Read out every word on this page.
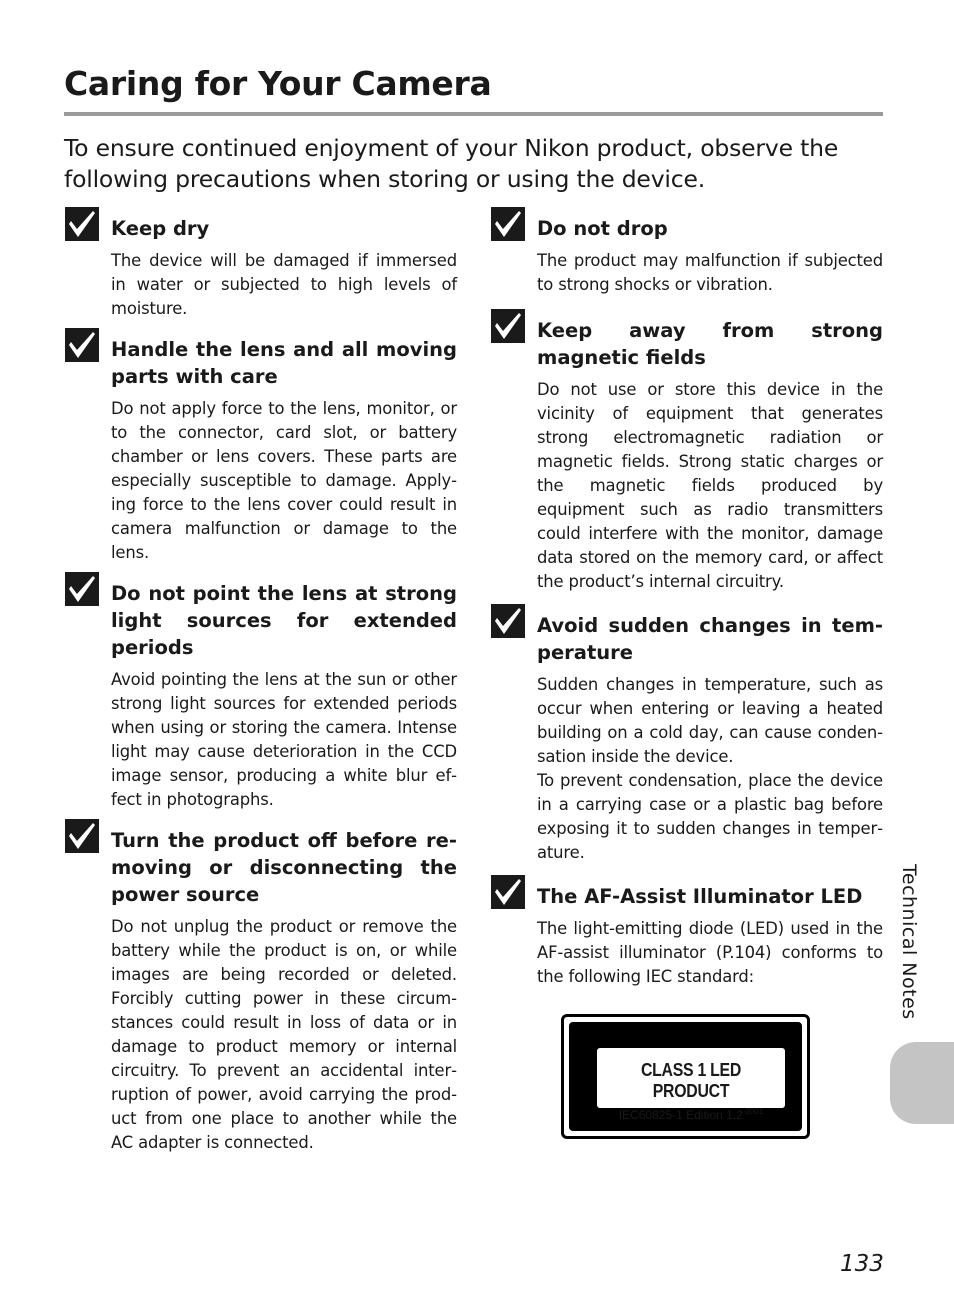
Caring for Your Camera

To ensure continued enjoyment of your Nikon product, observe the following precautions when storing or using the device.

Keep dry

The device will be damaged if immersed in water or subjected to high levels of moisture.

Handle the lens and all moving parts with care

Do not apply force to the lens, monitor, or to the connector, card slot, or battery chamber or lens covers. These parts are especially susceptible to damage. Applying force to the lens cover could result in camera malfunction or damage to the lens.

Do not point the lens at strong light sources for extended periods

Avoid pointing the lens at the sun or other strong light sources for extended periods when using or storing the camera. Intense light may cause deterioration in the CCD image sensor, producing a white blur effect in photographs.

Turn the product off before removing or disconnecting the power source

Do not unplug the product or remove the battery while the product is on, or while images are being recorded or deleted. Forcibly cutting power in these circumstances could result in loss of data or in damage to product memory or internal circuitry. To prevent an accidental interruption of power, avoid carrying the product from one place to another while the AC adapter is connected.

Do not drop

The product may malfunction if subjected to strong shocks or vibration.

Keep away from strong magnetic fields

Do not use or store this device in the vicinity of equipment that generates strong electromagnetic radiation or magnetic fields. Strong static charges or the magnetic fields produced by equipment such as radio transmitters could interfere with the monitor, damage data stored on the memory card, or affect the product’s internal circuitry.

Avoid sudden changes in temperature

Sudden changes in temperature, such as occur when entering or leaving a heated building on a cold day, can cause condensation inside the device.

To prevent condensation, place the device in a carrying case or a plastic bag before exposing it to sudden changes in temperature.

The AF-Assist Illuminator LED

The light-emitting diode (LED) used in the AF-assist illuminator (P.104) conforms to the following IEC standard:

CLASS 1 LED PRODUCT
IEC60825-1 Edition $1.2^{-2001}$
Technical Notes
133
